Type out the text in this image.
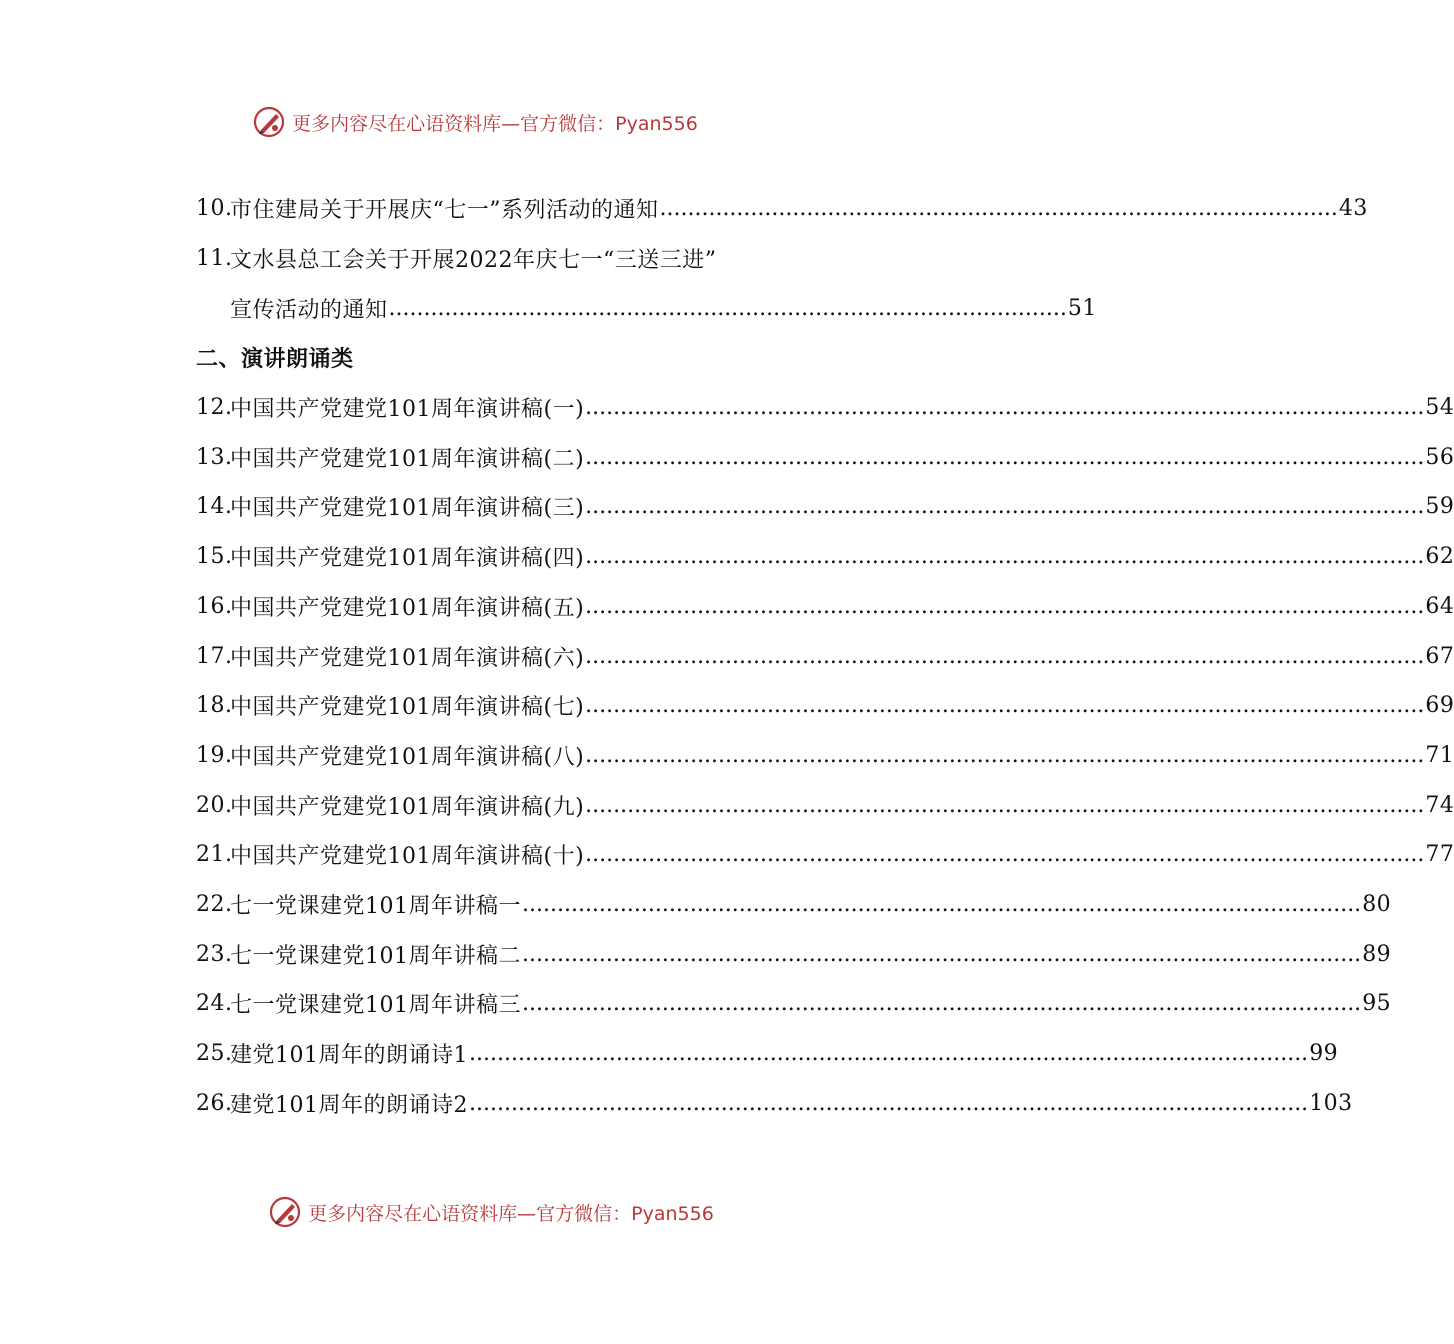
更多内容尽在心语资料库—官方微信：Pyan556
10.
市住建局关于开展庆“七一”系列活动的通知 ................................................................................................. 43
11.
文水县总工会关于开展2022年庆七一“三送三进”
宣传活动的通知 ................................................................................................. 51
二、演讲朗诵类
12.
中国共产党建党101周年演讲稿(一) ........................................................................................................................ 54
13.
中国共产党建党101周年演讲稿(二) ........................................................................................................................ 56
14.
中国共产党建党101周年演讲稿(三) ........................................................................................................................ 59
15.
中国共产党建党101周年演讲稿(四) ........................................................................................................................ 62
16.
中国共产党建党101周年演讲稿(五) ........................................................................................................................ 64
17.
中国共产党建党101周年演讲稿(六) ........................................................................................................................ 67
18.
中国共产党建党101周年演讲稿(七) ........................................................................................................................ 69
19.
中国共产党建党101周年演讲稿(八) ........................................................................................................................ 71
20.
中国共产党建党101周年演讲稿(九) ........................................................................................................................ 74
21.
中国共产党建党101周年演讲稿(十) ........................................................................................................................ 77
22.
七一党课建党101周年讲稿一 ........................................................................................................................ 80
23.
七一党课建党101周年讲稿二 ........................................................................................................................ 89
24.
七一党课建党101周年讲稿三 ........................................................................................................................ 95
25.
建党101周年的朗诵诗1 ........................................................................................................................ 99
26.
建党101周年的朗诵诗2 ........................................................................................................................ 103
更多内容尽在心语资料库—官方微信：Pyan556
